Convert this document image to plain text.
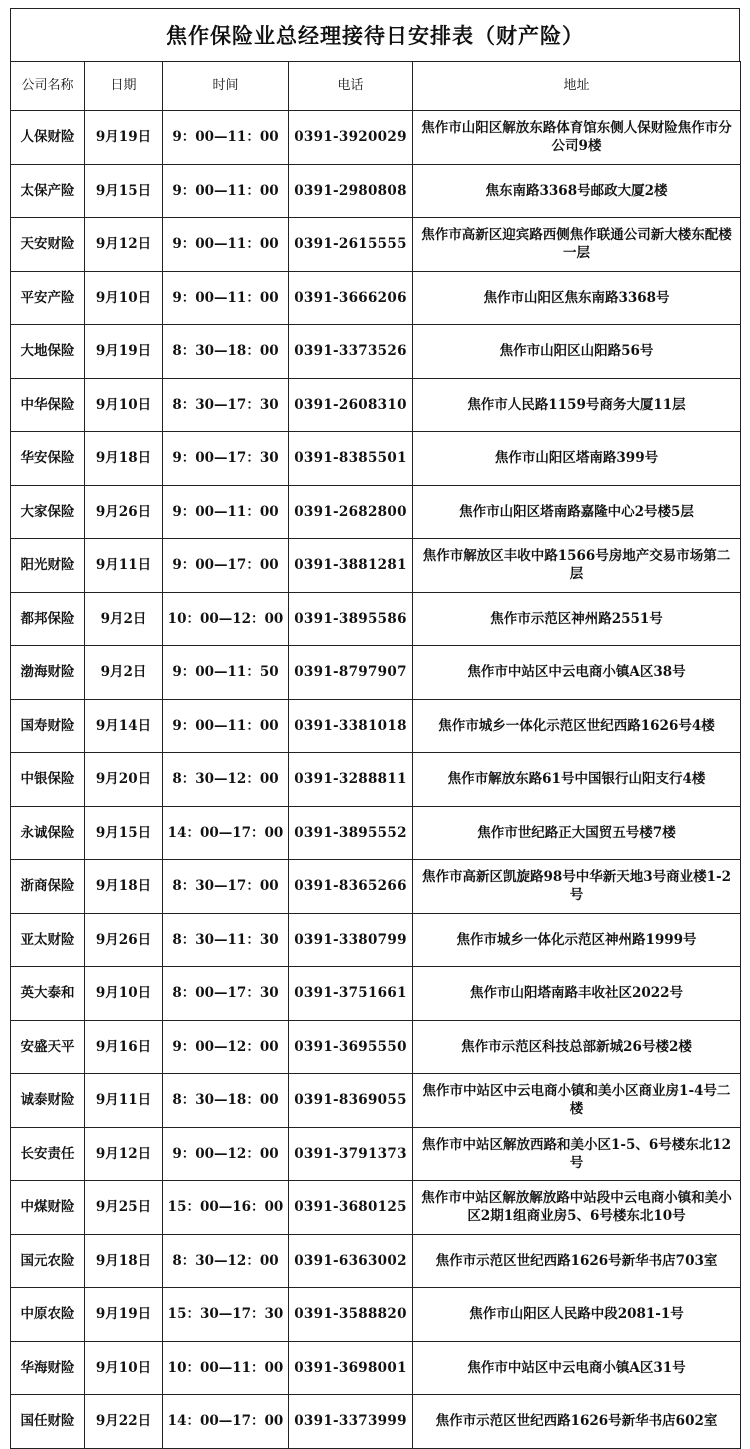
焦作保险业总经理接待日安排表（财产险）
公司名称	日期	时间	电话	地址
人保财险	9月19日	9：00—11：00	0391-3920029	焦作市山阳区解放东路体育馆东侧人保财险焦作市分公司9楼
太保产险	9月15日	9：00—11：00	0391-2980808	焦东南路3368号邮政大厦2楼
天安财险	9月12日	9：00—11：00	0391-2615555	焦作市高新区迎宾路西侧焦作联通公司新大楼东配楼一层
平安产险	9月10日	9：00—11：00	0391-3666206	焦作市山阳区焦东南路3368号
大地保险	9月19日	8：30—18：00	0391-3373526	焦作市山阳区山阳路56号
中华保险	9月10日	8：30—17：30	0391-2608310	焦作市人民路1159号商务大厦11层
华安保险	9月18日	9：00—17：30	0391-8385501	焦作市山阳区塔南路399号
大家保险	9月26日	9：00—11：00	0391-2682800	焦作市山阳区塔南路嘉隆中心2号楼5层
阳光财险	9月11日	9：00—17：00	0391-3881281	焦作市解放区丰收中路1566号房地产交易市场第二层
都邦保险	9月2日	10：00—12：00	0391-3895586	焦作市示范区神州路2551号
渤海财险	9月2日	9：00—11：50	0391-8797907	焦作市中站区中云电商小镇A区38号
国寿财险	9月14日	9：00—11：00	0391-3381018	焦作市城乡一体化示范区世纪西路1626号4楼
中银保险	9月20日	8：30—12：00	0391-3288811	焦作市解放东路61号中国银行山阳支行4楼
永诚保险	9月15日	14：00—17：00	0391-3895552	焦作市世纪路正大国贸五号楼7楼
浙商保险	9月18日	8：30—17：00	0391-8365266	焦作市高新区凯旋路98号中华新天地3号商业楼1-2号
亚太财险	9月26日	8：30—11：30	0391-3380799	焦作市城乡一体化示范区神州路1999号
英大泰和	9月10日	8：00—17：30	0391-3751661	焦作市山阳塔南路丰收社区2022号
安盛天平	9月16日	9：00—12：00	0391-3695550	焦作市示范区科技总部新城26号楼2楼
诚泰财险	9月11日	8：30—18：00	0391-8369055	焦作市中站区中云电商小镇和美小区商业房1-4号二楼
长安责任	9月12日	9：00—12：00	0391-3791373	焦作市中站区解放西路和美小区1-5、6号楼东北12号
中煤财险	9月25日	15：00—16：00	0391-3680125	焦作市中站区解放解放路中站段中云电商小镇和美小区2期1组商业房5、6号楼东北10号
国元农险	9月18日	8：30—12：00	0391-6363002	焦作市示范区世纪西路1626号新华书店703室
中原农险	9月19日	15：30—17：30	0391-3588820	焦作市山阳区人民路中段2081-1号
华海财险	9月10日	10：00—11：00	0391-3698001	焦作市中站区中云电商小镇A区31号
国任财险	9月22日	14：00—17：00	0391-3373999	焦作市示范区世纪西路1626号新华书店602室
